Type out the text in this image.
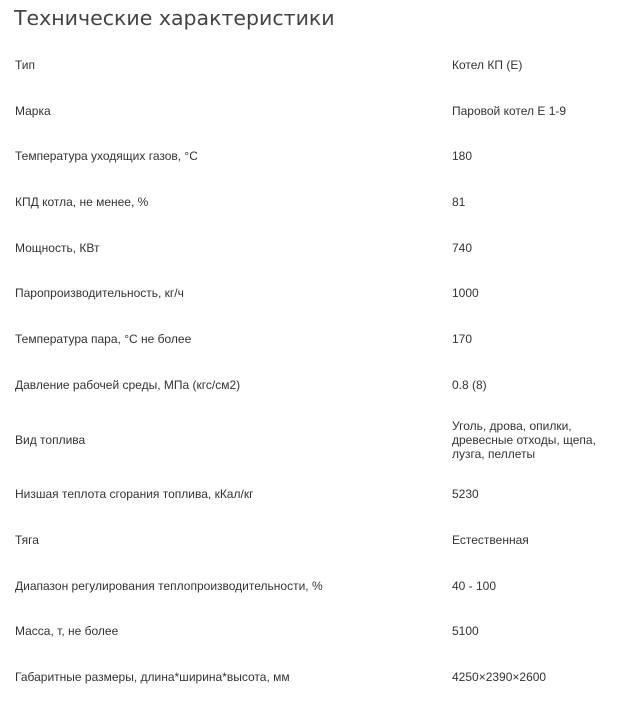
Технические характеристики
Тип	Котел КП (Е)
Марка	Паровой котел Е 1-9
Температура уходящих газов, °С	180
КПД котла, не менее, %	81
Мощность, КВт	740
Паропроизводительность, кг/ч	1000
Температура пара, °С не более	170
Давление рабочей среды, МПа (кгс/см2)	0.8 (8)
Вид топлива	Уголь, дрова, опилки, древесные отходы, щепа, лузга, пеллеты
Низшая теплота сгорания топлива, кКал/кг	5230
Тяга	Естественная
Диапазон регулирования теплопроизводительности, %	40 - 100
Масса, т, не более	5100
Габаритные размеры, длина*ширина*высота, мм	4250×2390×2600
